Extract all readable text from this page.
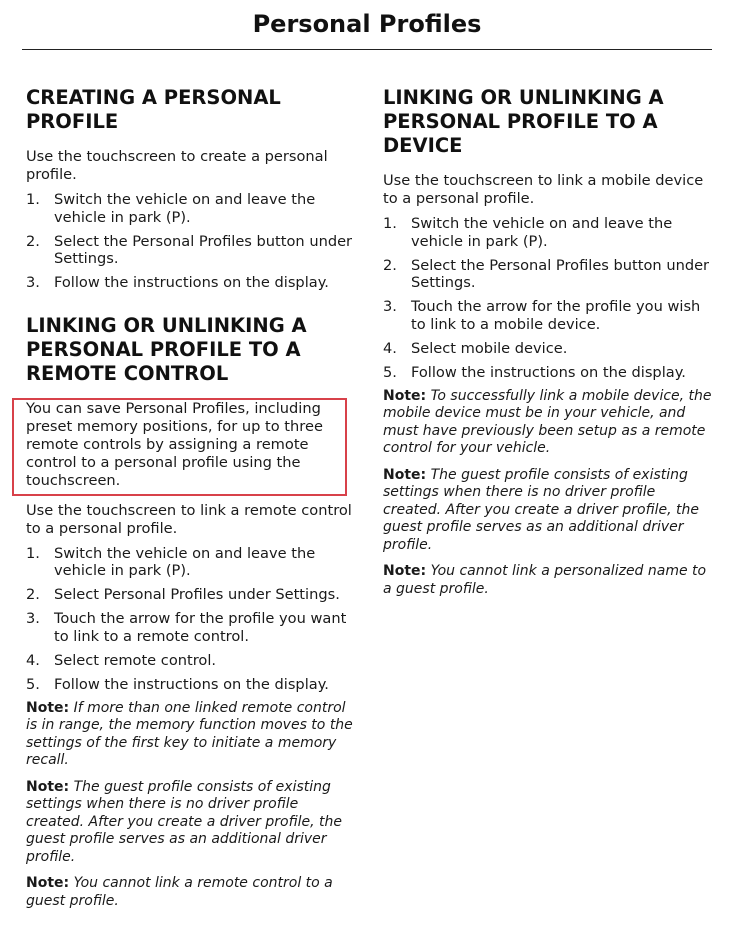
Personal Profiles
CREATING A PERSONAL PROFILE

Use the touchscreen to create a personal profile.

1. Switch the vehicle on and leave the vehicle in park (P).
2. Select the Personal Profiles button under Settings.
3. Follow the instructions on the display.
LINKING OR UNLINKING A PERSONAL PROFILE TO A REMOTE CONTROL

You can save Personal Profiles, including preset memory positions, for up to three remote controls by assigning a remote control to a personal profile using the touchscreen.

Use the touchscreen to link a remote control to a personal profile.

1. Switch the vehicle on and leave the vehicle in park (P).
2. Select Personal Profiles under Settings.
3. Touch the arrow for the profile you want to link to a remote control.
4. Select remote control.
5. Follow the instructions on the display.

Note: If more than one linked remote control is in range, the memory function moves to the settings of the first key to initiate a memory recall.

Note: The guest profile consists of existing settings when there is no driver profile created. After you create a driver profile, the guest profile serves as an additional driver profile.

Note: You cannot link a remote control to a guest profile.

LINKING OR UNLINKING A PERSONAL PROFILE TO A DEVICE

Use the touchscreen to link a mobile device to a personal profile.

1. Switch the vehicle on and leave the vehicle in park (P).
2. Select the Personal Profiles button under Settings.
3. Touch the arrow for the profile you wish to link to a mobile device.
4. Select mobile device.
5. Follow the instructions on the display.

Note: To successfully link a mobile device, the mobile device must be in your vehicle, and must have previously been setup as a remote control for your vehicle.

Note: The guest profile consists of existing settings when there is no driver profile created. After you create a driver profile, the guest profile serves as an additional driver profile.

Note: You cannot link a personalized name to a guest profile.
